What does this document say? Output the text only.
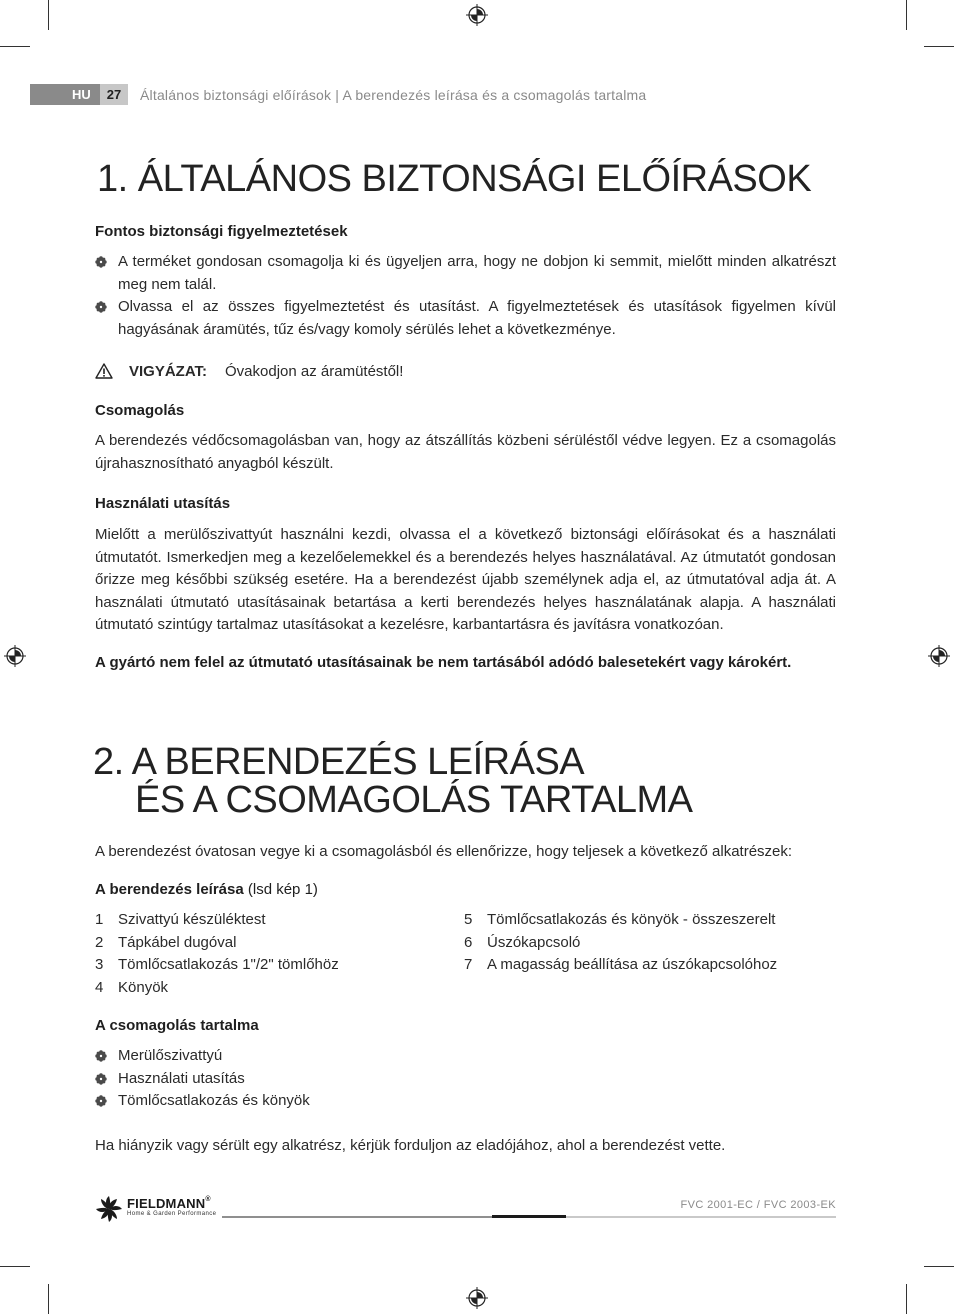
HU	27	Általános biztonsági előírások | A berendezés leírása és a csomagolás tartalma
1. ÁLTALÁNOS BIZTONSÁGI ELŐÍRÁSOK
Fontos biztonsági figyelmeztetések
A terméket gondosan csomagolja ki és ügyeljen arra, hogy ne dobjon ki semmit, mielőtt minden alkatrészt meg nem talál.
Olvassa el az összes figyelmeztetést és utasítást. A figyelmeztetések és utasítások figyelmen kívül hagyásának áramütés, tűz és/vagy komoly sérülés lehet a következménye.
VIGYÁZAT: Óvakodjon az áramütéstől!
Csomagolás
A berendezés védőcsomagolásban van, hogy az átszállítás közbeni sérüléstől védve legyen. Ez a csomagolás újrahasznosítható anyagból készült.
Használati utasítás
Mielőtt a merülőszivattyút használni kezdi, olvassa el a következő biztonsági előírásokat és a használati útmutatót. Ismerkedjen meg a kezelőelemekkel és a berendezés helyes használatával. Az útmutatót gondosan őrizze meg későbbi szükség esetére. Ha a berendezést újabb személynek adja el, az útmutatóval adja át. A használati útmutató utasításainak betartása a kerti berendezés helyes használatának alapja. A használati útmutató szintúgy tartalmaz utasításokat a kezelésre, karbantartásra és javításra vonatkozóan.
A gyártó nem felel az útmutató utasításainak be nem tartásából adódó balesetekért vagy károkért.
2. A BERENDEZÉS LEÍRÁSA
ÉS A CSOMAGOLÁS TARTALMA
A berendezést óvatosan vegye ki a csomagolásból és ellenőrizze, hogy teljesek a következő alkatrészek:
A berendezés leírása (lsd kép 1)
1 Szivattyú készüléktest
2 Tápkábel dugóval
3 Tömlőcsatlakozás 1"/2" tömlőhöz
4 Könyök
5 Tömlőcsatlakozás és könyök - összeszerelt
6 Úszókapcsoló
7 A magasság beállítása az úszókapcsolóhoz
A csomagolás tartalma
Merülőszivattyú
Használati utasítás
Tömlőcsatlakozás és könyök
Ha hiányzik vagy sérült egy alkatrész, kérjük forduljon az eladójához, ahol a berendezést vette.
FIELDMANN®
Home & Garden Performance
FVC 2001-EC / FVC 2003-EK
